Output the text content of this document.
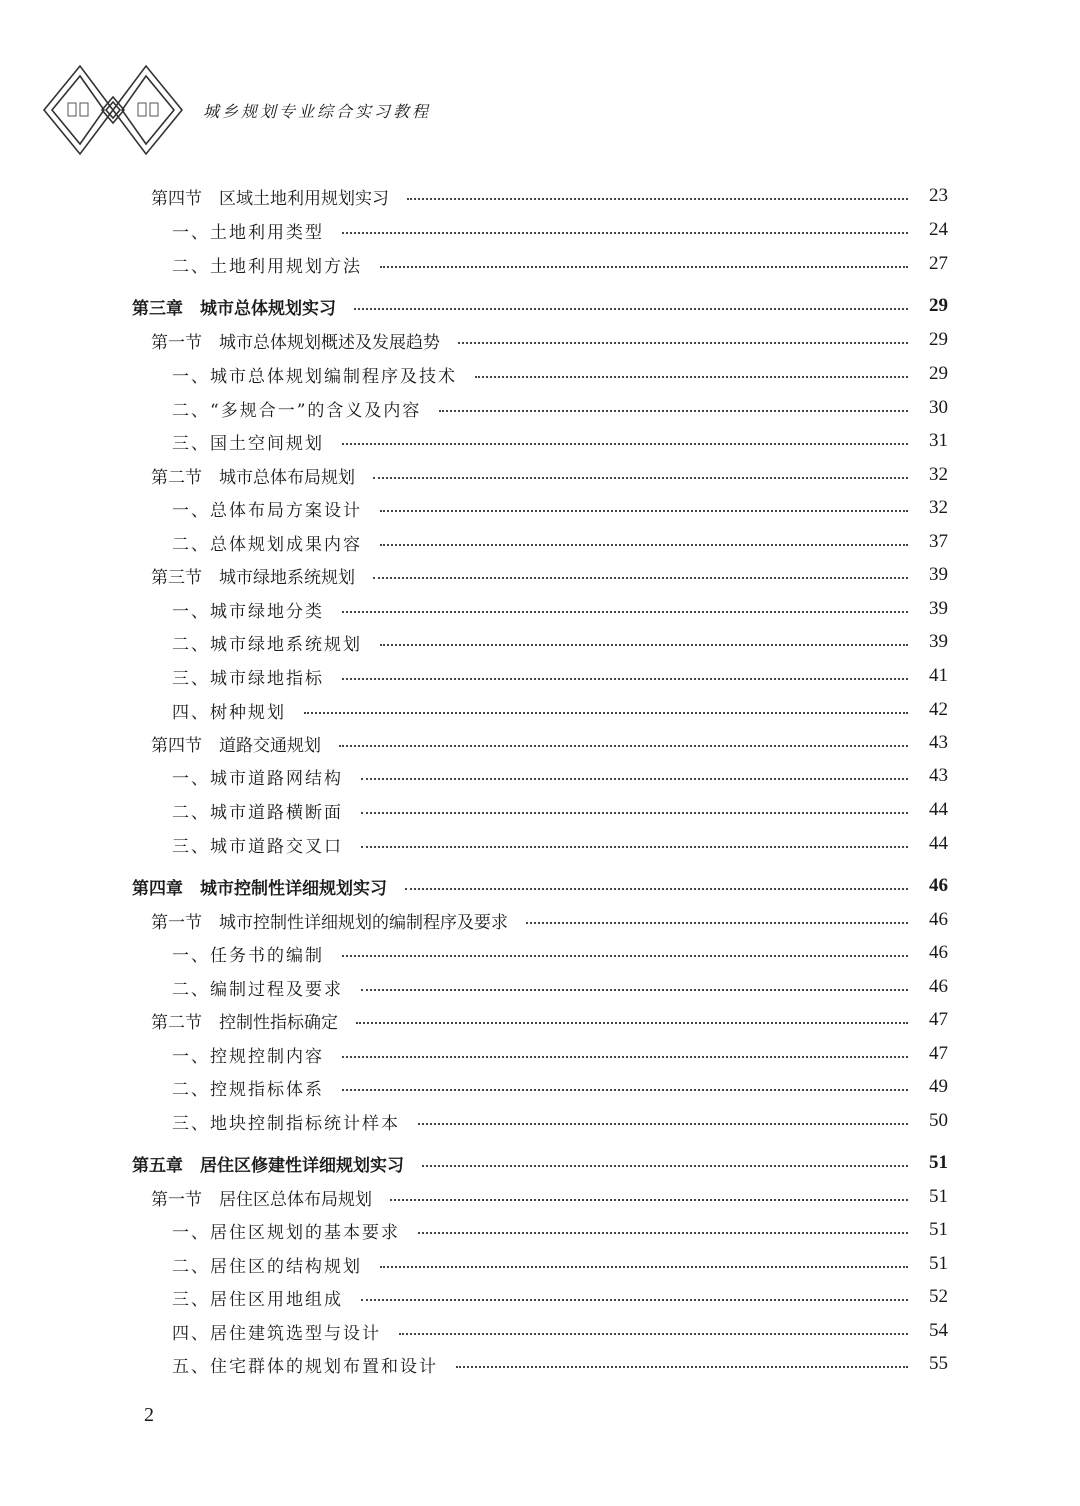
城乡规划专业综合实习教程
第四节　区域土地利用规划实习	23
一、土地利用类型	24
二、土地利用规划方法	27
第三章　城市总体规划实习	29
第一节　城市总体规划概述及发展趋势	29
一、城市总体规划编制程序及技术	29
二、“多规合一”的含义及内容	30
三、国土空间规划	31
第二节　城市总体布局规划	32
一、总体布局方案设计	32
二、总体规划成果内容	37
第三节　城市绿地系统规划	39
一、城市绿地分类	39
二、城市绿地系统规划	39
三、城市绿地指标	41
四、树种规划	42
第四节　道路交通规划	43
一、城市道路网结构	43
二、城市道路横断面	44
三、城市道路交叉口	44
第四章　城市控制性详细规划实习	46
第一节　城市控制性详细规划的编制程序及要求	46
一、任务书的编制	46
二、编制过程及要求	46
第二节　控制性指标确定	47
一、控规控制内容	47
二、控规指标体系	49
三、地块控制指标统计样本	50
第五章　居住区修建性详细规划实习	51
第一节　居住区总体布局规划	51
一、居住区规划的基本要求	51
二、居住区的结构规划	51
三、居住区用地组成	52
四、居住建筑选型与设计	54
五、住宅群体的规划布置和设计	55
2
